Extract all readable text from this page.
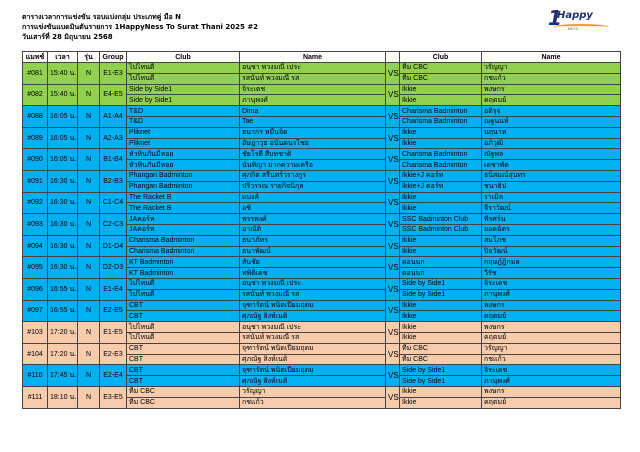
ตารางเวลาการแข่งขัน รอบแบ่งกลุ่ม ประเภทคู่ มือ N
การแข่งขันแบดมินตันรายการ 1HappyNess To Surat Thani 2025 #2
วันเสาร์ที่ 28 มิถุนายน 2568
1
Happy
NESS
แมทช์	เวลา	รุ่น	Group	Club	Name		Club	Name
#081	15:40 น.	N	E1-E3	ไปไหนดี	อนุชา พวงมณี เประ	VS	ทีม CBC	วรัญญา
				ไปไหนดี	รสนันท์ พวงมณี รส		ทีม CBC	กชแก้ว
#082	15:40 น.	N	E4-E5	Side by Side1	จิระเดช	VS	Ikkie	พงษกร
				Side by Side1	ภานุพงศ์		Ikkie	คฤตมย์
#088	16:05 น.	N	A1-A4	T&D	Dima	VS	Charisma Badminton	อติรุจ
				T&D	Tae		Charisma Badminton	ณฐนนท์
#089	16:05 น.	N	A2-A3	Pliknet	ธนากร หมื่นจิต	VS	Ikkie	นฤนาท
				Pliknet	อัษฎาวุธ อนันตนรไชย		Ikkie	อภิวุฒิ
#090	16:05 น.	N	B1-B4	หัวหินกันมีหอย	ชัยโรดี สีบทชาติ	VS	Charisma Badminton	ณัฐพล
				หัวหินกันมีหอย	นันทิญา มากความเครือ		Charisma Badminton	เดชาพัด
#091	16:30 น.	N	B2-B3	Phangan Badminton	ศุภกิต สรีนทร์วรางกูร	VS	Ikkie+J คอร์ท	ธนิสมณ์สุนทร
				Phangan Badminton	ปริวรรณ รายกิจนิกุล		Ikkie+J คอร์ท	ชนาธิป
#092	16:30 น.	N	C1-C4	The Racket B	แบงค์	VS	Ikkie	ราเมิล
				The Racket B	อชิ		Ikkie	จีราวัฒน์
#093	16:30 น.	N	C2-C3	JAคอร์ท	พรรพงศ์	VS	SSC Badminton Club	พีรศร์น
				JAคอร์ท	อาณัติ		SSC Badminton Club	ยอดฉัตร
#094	16:30 น.	N	D1-D4	Charisma Badminton	ธนาภัทร	VS	Ikkie	สมโภช
				Charisma Badminton	ธนาพัฒน์		Ikkie	ปิยวัฒน์
#095	16:30 น.	N	D2-D3	KT Badminton	สันชัย	VS	ดอนนก	กฤษฎ์ฎิกมล
				KT Badminton	ทพิดิเดช		ดอนนก	วีรัช
#096	16:55 น.	N	E1-E4	ไปไหนดี	อนุชา พวงมณี เประ	VS	Side by Side1	จิระเดช
				ไปไหนดี	รสนันท์ พวงมณี รส		Side by Side1	ภานุพงศ์
#097	16:55 น.	N	E2-E5	CBT	จุฑารัตน์ พนิตเปียมฤดม	VS	Ikkie	พงษกร
				CBT	ศุภณัฐ สิงห์เนติ		Ikkie	คฤตมย์
#103	17:20 น.	N	E1-E5	ไปไหนดี	อนุชา พวงมณี เประ	VS	Ikkie	พงษกร
				ไปไหนดี	รสนันท์ พวงมณี รส		Ikkie	คฤตมย์
#104	17:20 น.	N	E2-E3	CBT	จุฑารัตน์ พนิตเปียมฤดม	VS	ทีม CBC	วรัญญา
				CBT	ศุภณัฐ สิงห์เนติ		ทีม CBC	กชแก้ว
#110	17:45 น.	N	E2-E4	CBT	จุฑารัตน์ พนิตเปียมฤดม	VS	Side by Side1	จิระเดช
				CBT	ศุภณัฐ สิงห์เนติ		Side by Side1	ภานุพงศ์
#111	18:10 น.	N	E3-E5	ทีม CBC	วรัญญา	VS	Ikkie	พงษกร
				ทีม CBC	กชแก้ว		Ikkie	คฤตมย์
